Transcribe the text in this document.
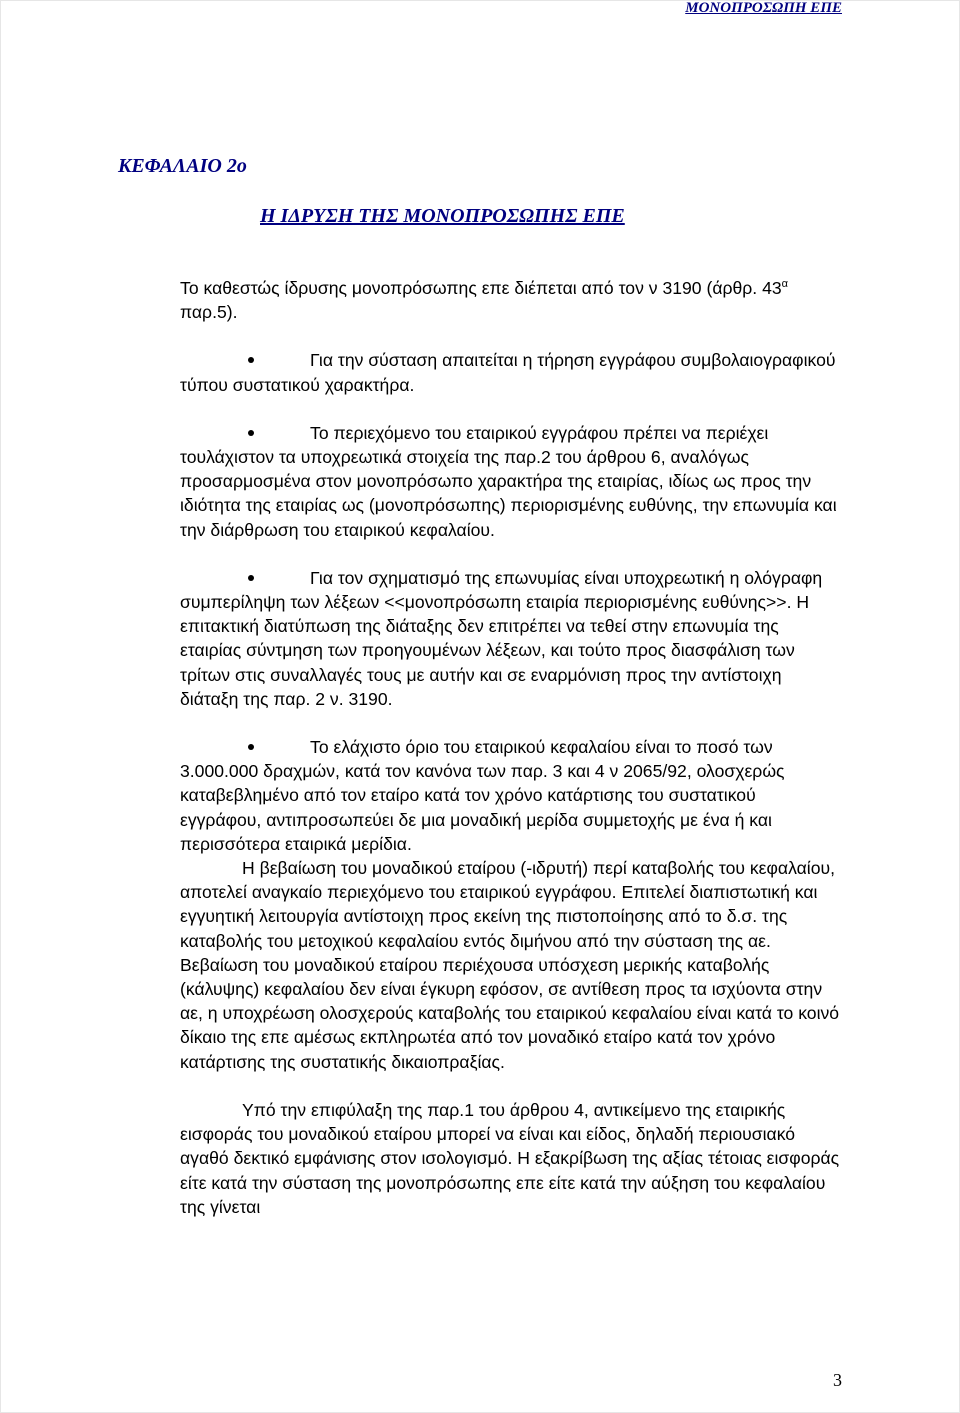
ΜΟΝΟΠΡΟΣΩΠΗ ΕΠΕ
ΚΕΦΑΛΑΙΟ 2ο
Η ΙΔΡΥΣΗ ΤΗΣ ΜΟΝΟΠΡΟΣΩΠΗΣ ΕΠΕ

Το καθεστώς ίδρυσης μονοπρόσωπης επε διέπεται από τον ν 3190 (άρθρ. $43^\alpha$ παρ.5).

Για την σύσταση απαιτείται η τήρηση εγγράφου συμβολαιογραφικού τύπου συστατικού χαρακτήρα.

Το περιεχόμενο του εταιρικού εγγράφου πρέπει να περιέχει τουλάχιστον τα υποχρεωτικά στοιχεία της παρ.2 του άρθρου 6, αναλόγως προσαρμοσμένα στον μονοπρόσωπο χαρακτήρα της εταιρίας, ιδίως ως προς την ιδιότητα της εταιρίας ως (μονοπρόσωπης) περιορισμένης ευθύνης, την επωνυμία και την διάρθρωση του εταιρικού κεφαλαίου.

Για τον σχηματισμό της επωνυμίας είναι υποχρεωτική η ολόγραφη συμπερίληψη των λέξεων <<μονοπρόσωπη εταιρία περιορισμένης ευθύνης>>. Η επιτακτική διατύπωση της διάταξης δεν επιτρέπει να τεθεί στην επωνυμία της εταιρίας σύντμηση των προηγουμένων λέξεων, και τούτο προς διασφάλιση των τρίτων στις συναλλαγές τους με αυτήν και σε εναρμόνιση προς την αντίστοιχη διάταξη της παρ. 2 ν. 3190.

Το ελάχιστο όριο του εταιρικού κεφαλαίου είναι το ποσό των 3.000.000 δραχμών, κατά τον κανόνα των παρ. 3 και 4 ν 2065/92, ολοσχερώς καταβεβλημένο από τον εταίρο κατά τον χρόνο κατάρτισης του συστατικού εγγράφου, αντιπροσωπεύει δε μια μοναδική μερίδα συμμετοχής με ένα ή και περισσότερα εταιρικά μερίδια.

Η βεβαίωση του μοναδικού εταίρου (-ιδρυτή) περί καταβολής του κεφαλαίου, αποτελεί αναγκαίο περιεχόμενο του εταιρικού εγγράφου. Επιτελεί διαπιστωτική και εγγυητική λειτουργία αντίστοιχη προς εκείνη της πιστοποίησης από το δ.σ. της καταβολής του μετοχικού κεφαλαίου εντός διμήνου από την σύσταση της αε. Βεβαίωση του μοναδικού εταίρου περιέχουσα υπόσχεση μερικής καταβολής (κάλυψης) κεφαλαίου δεν είναι έγκυρη εφόσον, σε αντίθεση προς τα ισχύοντα στην αε, η υποχρέωση ολοσχερούς καταβολής του εταιρικού κεφαλαίου είναι κατά το κοινό δίκαιο της επε αμέσως εκπληρωτέα από τον μοναδικό εταίρο κατά τον χρόνο κατάρτισης της συστατικής δικαιοπραξίας.

Υπό την επιφύλαξη της παρ.1 του άρθρου 4, αντικείμενο της εταιρικής εισφοράς του μοναδικού εταίρου μπορεί να είναι και είδος, δηλαδή περιουσιακό αγαθό δεκτικό εμφάνισης στον ισολογισμό. Η εξακρίβωση της αξίας τέτοιας εισφοράς είτε κατά την σύσταση της μονοπρόσωπης επε είτε κατά την αύξηση του κεφαλαίου της γίνεται

3
